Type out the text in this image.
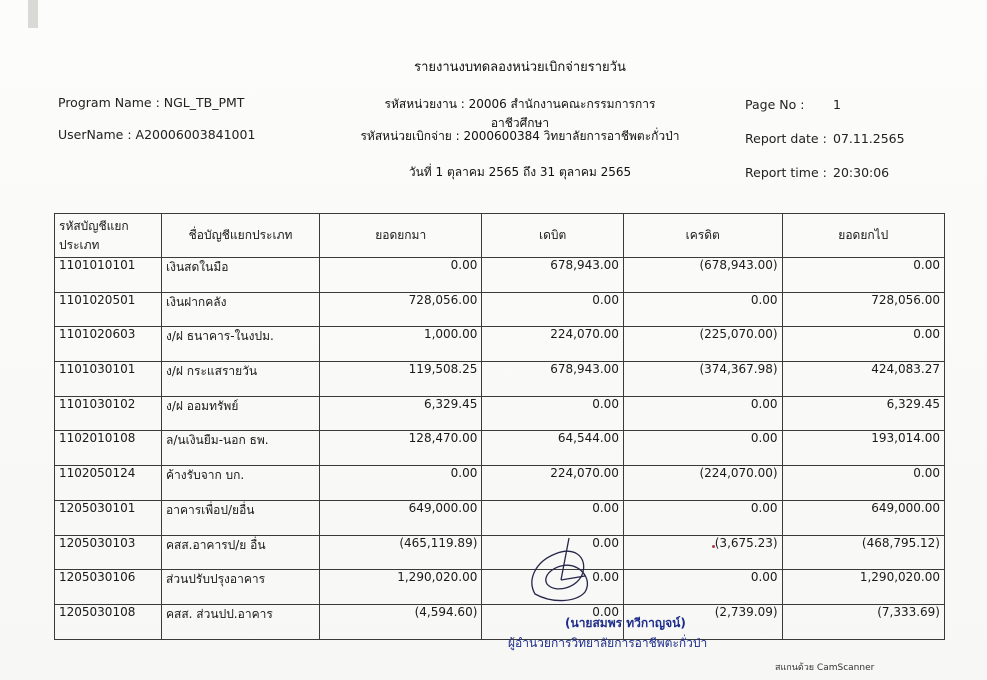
รายงานงบทดลองหน่วยเบิกจ่ายรายวัน
Program Name : NGL_TB_PMT
UserName : A20006003841001
รหัสหน่วยงาน : 20006 สำนักงานคณะกรรมการการอาชีวศึกษา
รหัสหน่วยเบิกจ่าย : 2000600384 วิทยาลัยการอาชีพตะกั่วป่า
วันที่ 1 ตุลาคม 2565 ถึง 31 ตุลาคม 2565
Page No : 1
Report date : 07.11.2565
Report time : 20:30:06
รหัสบัญชีแยกประเภท	ชื่อบัญชีแยกประเภท	ยอดยกมา	เดบิต	เครดิต	ยอดยกไป
1101010101	เงินสดในมือ	0.00	678,943.00	(678,943.00)	0.00
1101020501	เงินฝากคลัง	728,056.00	0.00	0.00	728,056.00
1101020603	ง/ฝ ธนาคาร-ในงปม.	1,000.00	224,070.00	(225,070.00)	0.00
1101030101	ง/ฝ กระแสรายวัน	119,508.25	678,943.00	(374,367.98)	424,083.27
1101030102	ง/ฝ ออมทรัพย์	6,329.45	0.00	0.00	6,329.45
1102010108	ล/นเงินยืม-นอก ธพ.	128,470.00	64,544.00	0.00	193,014.00
1102050124	ค้างรับจาก บก.	0.00	224,070.00	(224,070.00)	0.00
1205030101	อาคารเพื่อป/ยอื่น	649,000.00	0.00	0.00	649,000.00
1205030103	คสส.อาคารป/ย อื่น	(465,119.89)	0.00	(3,675.23)	(468,795.12)
1205030106	ส่วนปรับปรุงอาคาร	1,290,020.00	0.00	0.00	1,290,020.00
1205030108	คสส. ส่วนปป.อาคาร	(4,594.60)	0.00	(2,739.09)	(7,333.69)
(นายสมพร ทวีกาญจน์)
ผู้อำนวยการวิทยาลัยการอาชีพตะกั่วป่า
สแกนด้วย CamScanner
